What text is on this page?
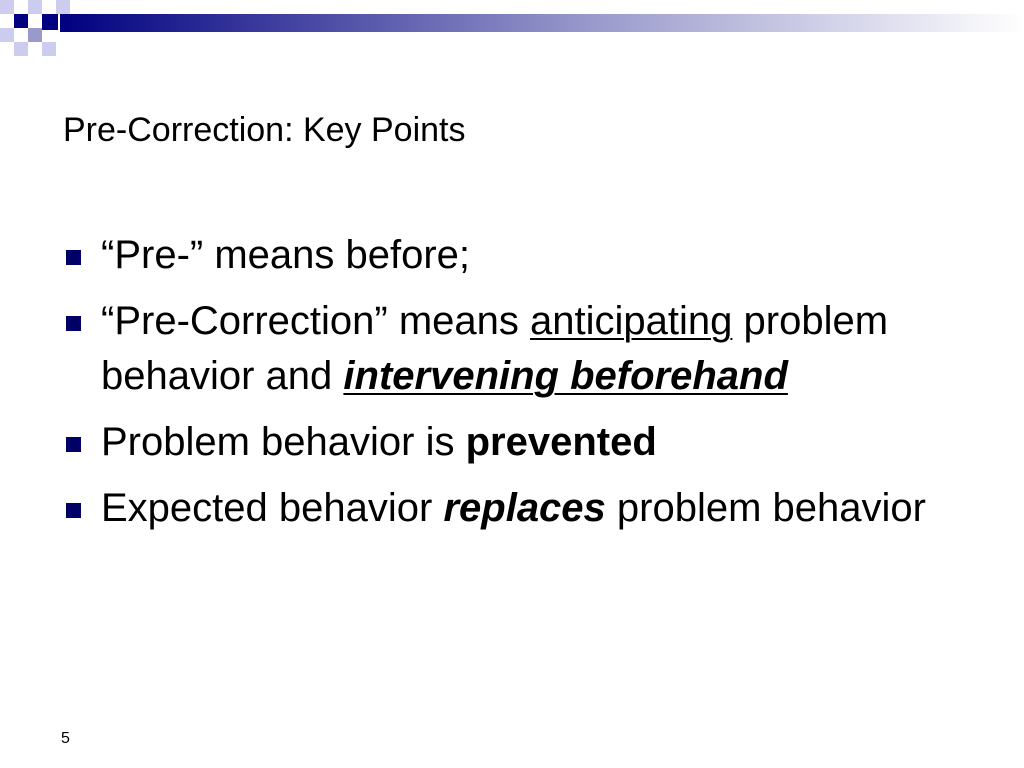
Pre-Correction: Key Points
“Pre-” means before;
“Pre-Correction” means anticipating problem behavior and intervening beforehand
Problem behavior is prevented
Expected behavior replaces problem behavior
5
